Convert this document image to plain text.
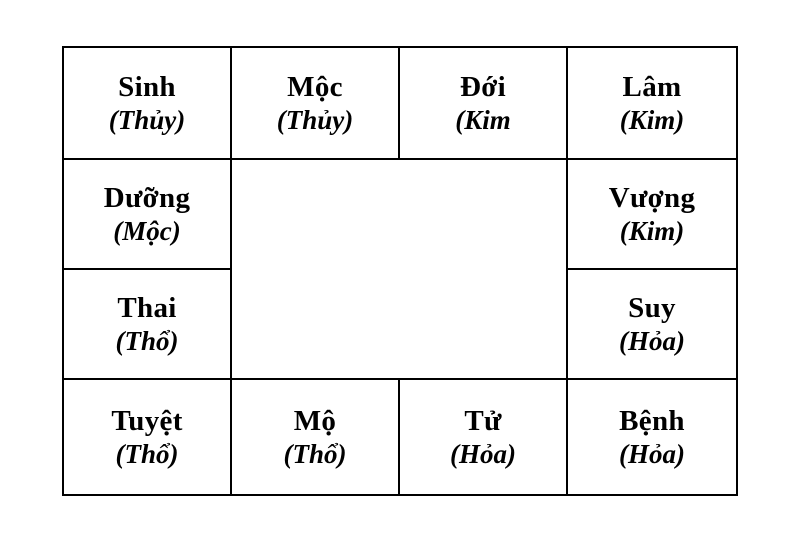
Sinh
(Thủy)
Mộc
(Thủy)
Đới
(Kim
Lâm
(Kim)
Dưỡng
(Mộc)
Vượng
(Kim)
Thai
(Thổ)
Suy
(Hỏa)
Tuyệt
(Thổ)
Mộ
(Thổ)
Tử
(Hỏa)
Bệnh
(Hỏa)
